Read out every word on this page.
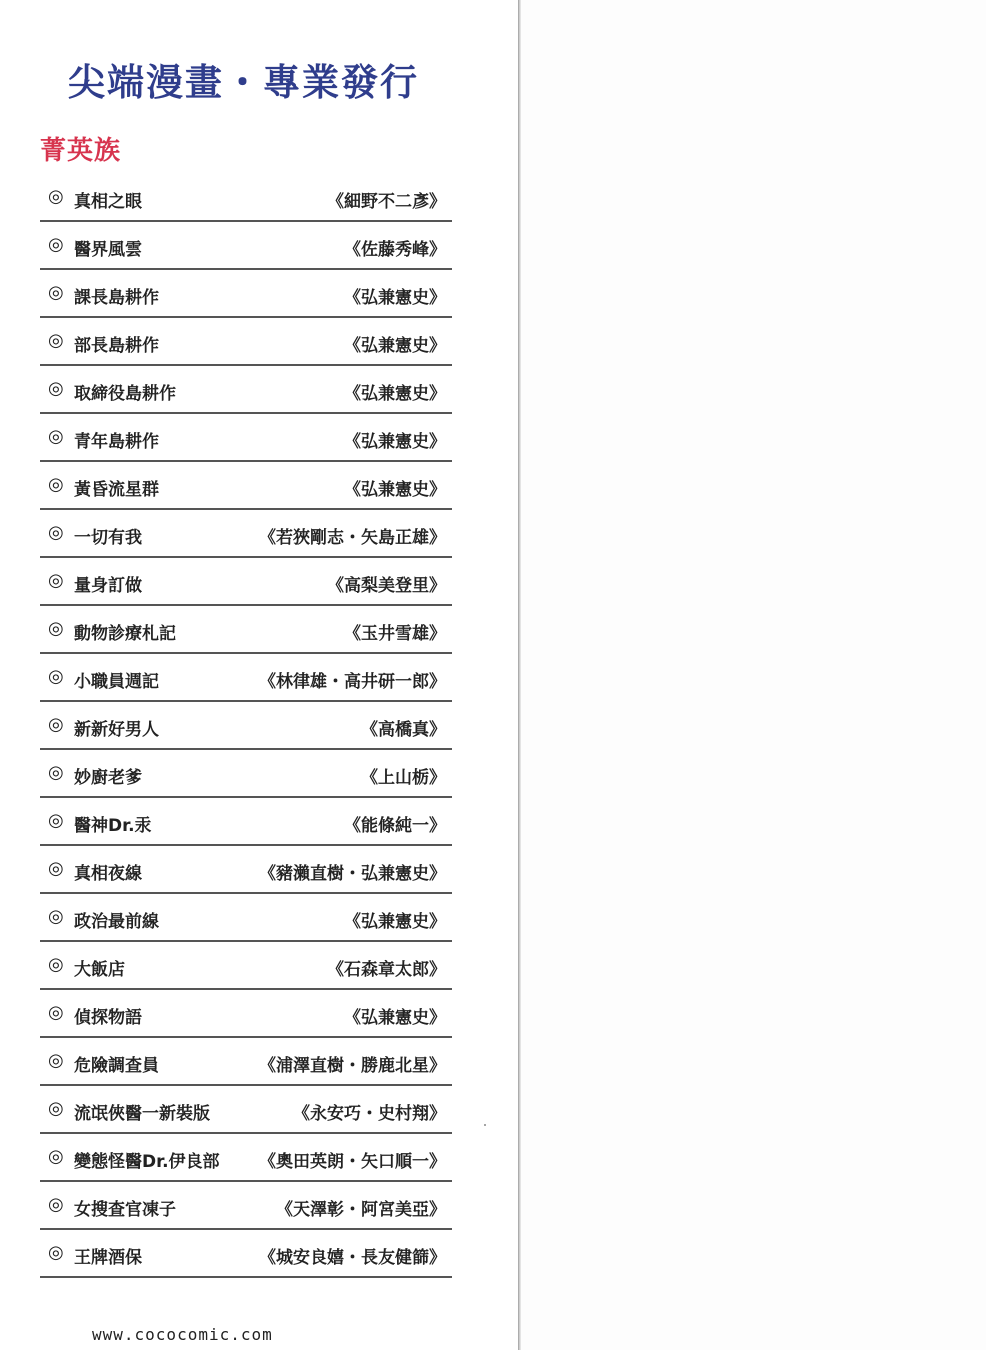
尖端漫畫・專業發行
菁英族
◎ 真相之眼	《細野不二彥》
◎ 醫界風雲	《佐藤秀峰》
◎ 課長島耕作	《弘兼憲史》
◎ 部長島耕作	《弘兼憲史》
◎ 取締役島耕作	《弘兼憲史》
◎ 青年島耕作	《弘兼憲史》
◎ 黃昏流星群	《弘兼憲史》
◎ 一切有我	《若狹剛志・矢島正雄》
◎ 量身訂做	《高梨美登里》
◎ 動物診療札記	《玉井雪雄》
◎ 小職員週記	《林律雄・高井研一郎》
◎ 新新好男人	《高橋真》
◎ 妙廚老爹	《上山栃》
◎ 醫神Dr.汞	《能條純一》
◎ 真相夜線	《豬瀨直樹・弘兼憲史》
◎ 政治最前線	《弘兼憲史》
◎ 大飯店	《石森章太郎》
◎ 偵探物語	《弘兼憲史》
◎ 危險調查員	《浦澤直樹・勝鹿北星》
◎ 流氓俠醫一新裝版	《永安巧・史村翔》
◎ 變態怪醫Dr.伊良部 《奧田英朗・矢口順一》
◎ 女搜查官凍子	《天澤彰・阿宮美亞》
◎ 王牌酒保	《城安良嬉・長友健篩》
www.cococomic.com
